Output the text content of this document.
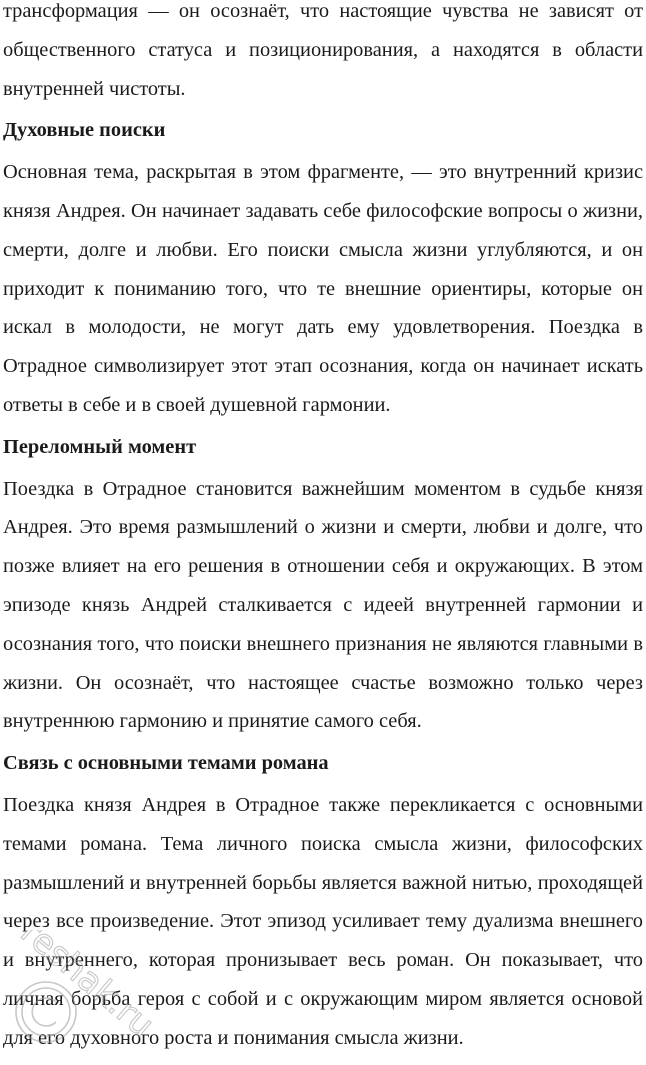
трансформация — он осознаёт, что настоящие чувства не зависят от общественного статуса и позиционирования, а находятся в области внутренней чистоты.

Духовные поиски

Основная тема, раскрытая в этом фрагменте, — это внутренний кризис князя Андрея. Он начинает задавать себе философские вопросы о жизни, смерти, долге и любви. Его поиски смысла жизни углубляются, и он приходит к пониманию того, что те внешние ориентиры, которые он искал в молодости, не могут дать ему удовлетворения. Поездка в Отрадное символизирует этот этап осознания, когда он начинает искать ответы в себе и в своей душевной гармонии.

Переломный момент

Поездка в Отрадное становится важнейшим моментом в судьбе князя Андрея. Это время размышлений о жизни и смерти, любви и долге, что позже влияет на его решения в отношении себя и окружающих. В этом эпизоде князь Андрей сталкивается с идеей внутренней гармонии и осознания того, что поиски внешнего признания не являются главными в жизни. Он осознаёт, что настоящее счастье возможно только через внутреннюю гармонию и принятие самого себя.

Связь с основными темами романа

Поездка князя Андрея в Отрадное также перекликается с основными темами романа. Тема личного поиска смысла жизни, философских размышлений и внутренней борьбы является важной нитью, проходящей через все произведение. Этот эпизод усиливает тему дуализма внешнего и внутреннего, которая пронизывает весь роман. Он показывает, что личная борьба героя с собой и с окружающим миром является основой для его духовного роста и понимания смысла жизни.

reshak.ru
